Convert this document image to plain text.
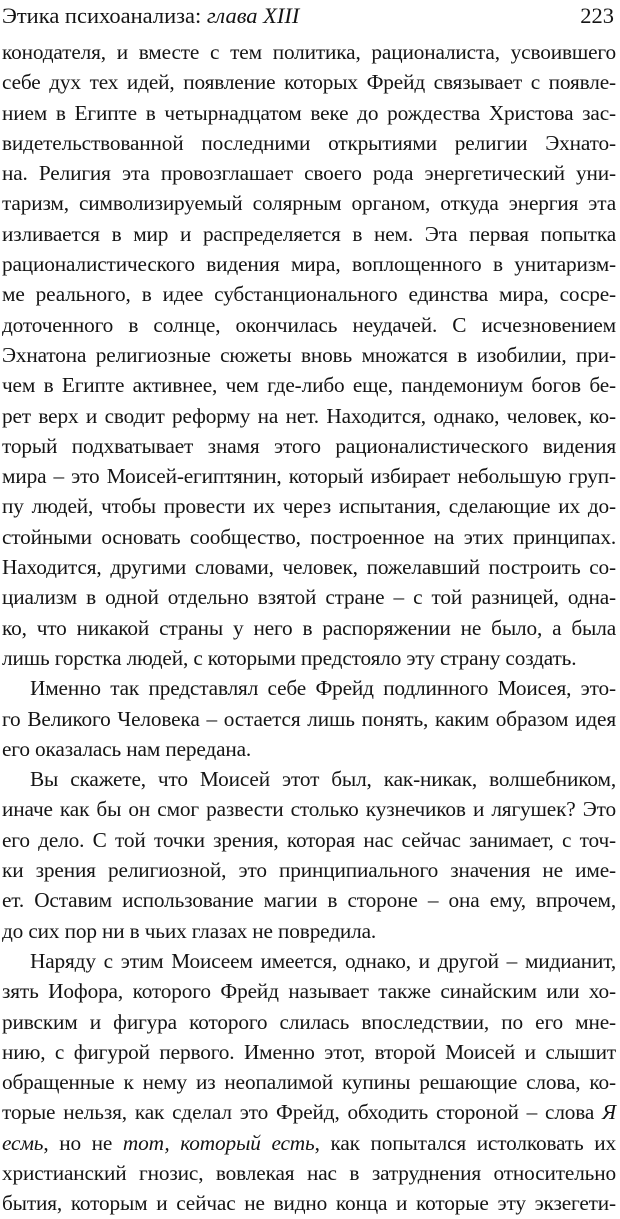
Этика психоанализа: глава XIII	223
конодателя, и вместе с тем политика, рационалиста, усвоившего
себе дух тех идей, появление которых Фрейд связывает с появле-
нием в Египте в четырнадцатом веке до рождества Христова зас-
видетельствованной последними открытиями религии Эхнато-
на. Религия эта провозглашает своего рода энергетический уни-
таризм, символизируемый солярным органом, откуда энергия эта
изливается в мир и распределяется в нем. Эта первая попытка
рационалистического видения мира, воплощенного в унитаризм-
ме реального, в идее субстанционального единства мира, сосре-
доточенного в солнце, окончилась неудачей. С исчезновением
Эхнатона религиозные сюжеты вновь множатся в изобилии, при-
чем в Египте активнее, чем где-либо еще, пандемониум богов бе-
рет верх и сводит реформу на нет. Находится, однако, человек, ко-
торый подхватывает знамя этого рационалистического видения
мира – это Моисей-египтянин, который избирает небольшую груп-
пу людей, чтобы провести их через испытания, сделающие их до-
стойными основать сообщество, построенное на этих принципах.
Находится, другими словами, человек, пожелавший построить со-
циализм в одной отдельно взятой стране – с той разницей, одна-
ко, что никакой страны у него в распоряжении не было, а была
лишь горстка людей, с которыми предстояло эту страну создать.
Именно так представлял себе Фрейд подлинного Моисея, это-
го Великого Человека – остается лишь понять, каким образом идея
его оказалась нам передана.
Вы скажете, что Моисей этот был, как-никак, волшебником,
иначе как бы он смог развести столько кузнечиков и лягушек? Это
его дело. С той точки зрения, которая нас сейчас занимает, с точ-
ки зрения религиозной, это принципиального значения не име-
ет. Оставим использование магии в стороне – она ему, впрочем,
до сих пор ни в чьих глазах не повредила.
Наряду с этим Моисеем имеется, однако, и другой – мидианит,
зять Иофора, которого Фрейд называет также синайским или хо-
ривским и фигура которого слилась впоследствии, по его мне-
нию, с фигурой первого. Именно этот, второй Моисей и слышит
обращенные к нему из неопалимой купины решающие слова, ко-
торые нельзя, как сделал это Фрейд, обходить стороной – слова Я
есмь, но не тот, который есть, как попытался истолковать их
христианский гнозис, вовлекая нас в затруднения относительно
бытия, которым и сейчас не видно конца и которые эту экзегети-
